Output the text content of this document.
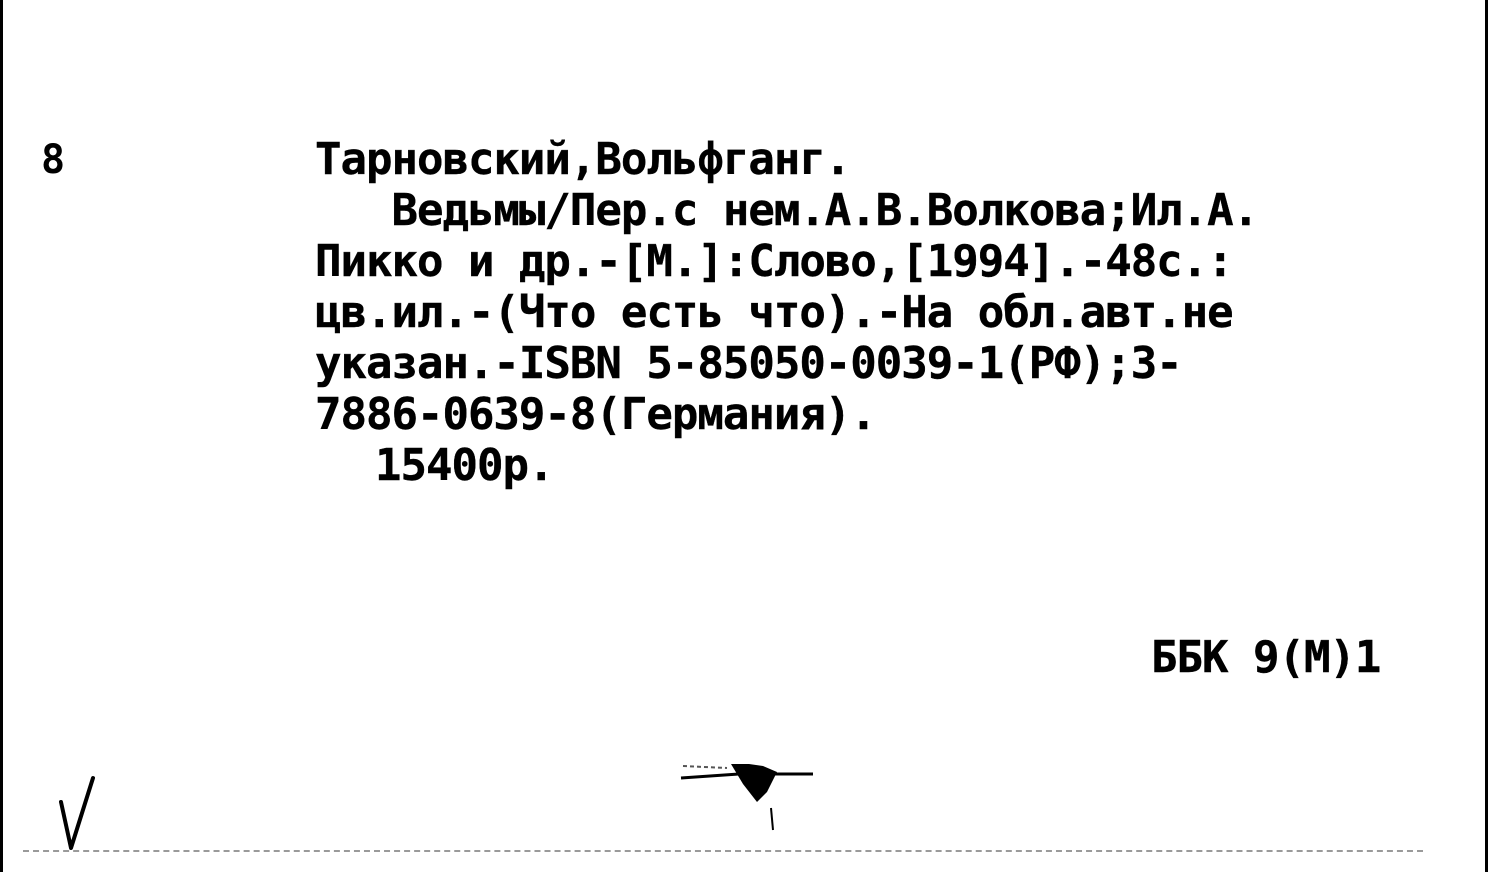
8	Тарновский,Вольфганг.
Ведьмы/Пер.с нем.А.В.Волкова;Ил.А.
Пикко и др.-[М.]:Слово,[1994].-48с.:
цв.ил.-(Что есть что).-На обл.авт.не
указан.-ISBN 5-85050-0039-1(РФ);3-
7886-0639-8(Германия).
15400р.
ББК 9(М)1
